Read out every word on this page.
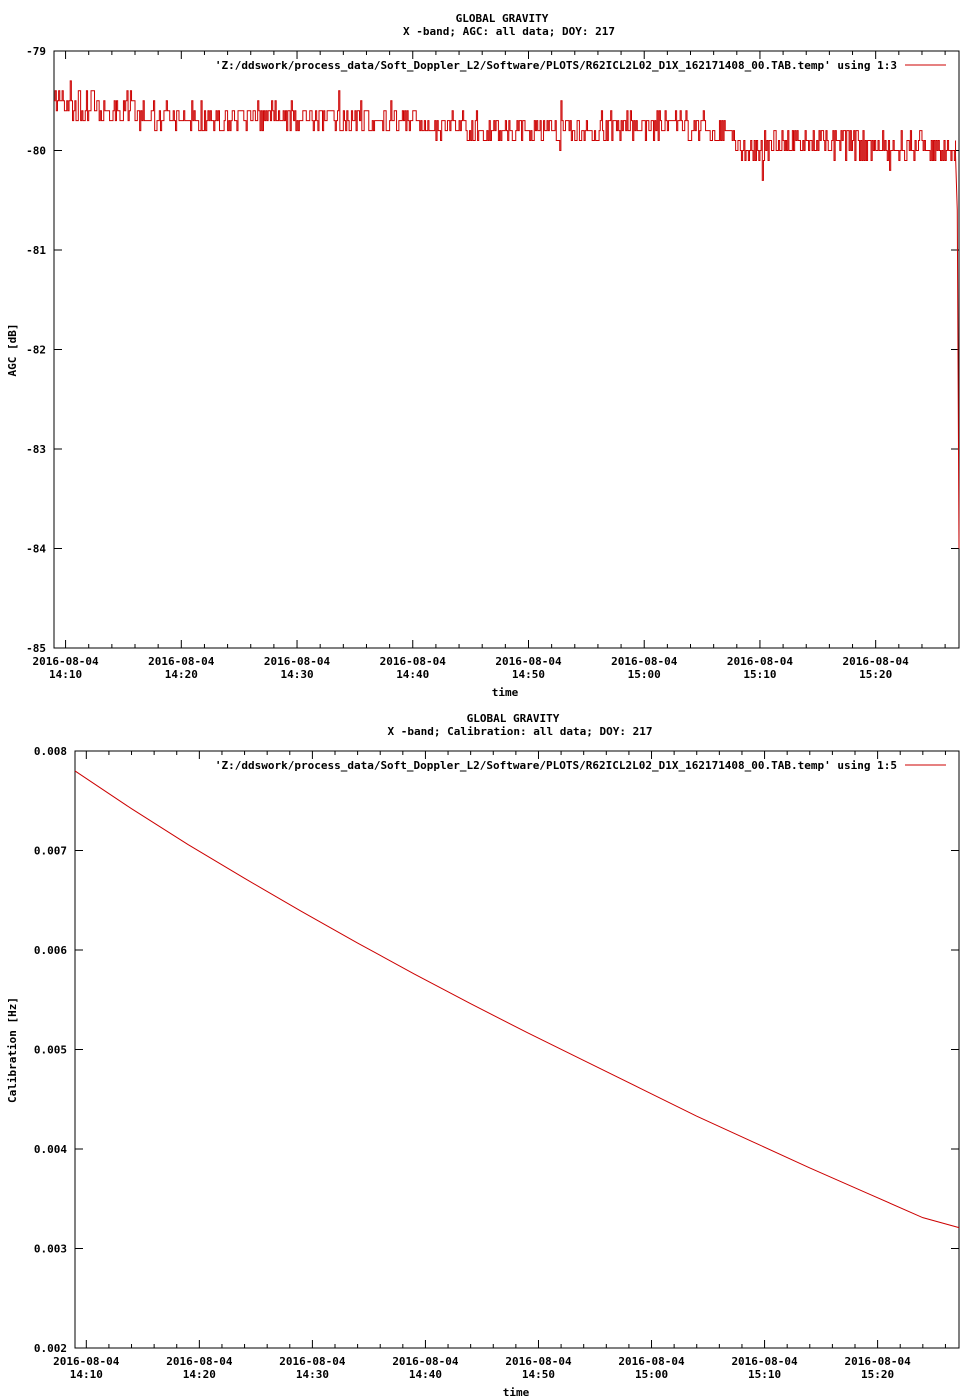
GLOBAL GRAVITY
X -band; AGC: all data; DOY: 217
AGC [dB]
time
-79
-80
-81
-82
-83
-84
-85
2016-08-04
14:10
2016-08-04
14:20
2016-08-04
14:30
2016-08-04
14:40
2016-08-04
14:50
2016-08-04
15:00
2016-08-04
15:10
2016-08-04
15:20
'Z:/ddswork/process_data/Soft_Doppler_L2/Software/PLOTS/R62ICL2L02_D1X_162171408_00.TAB.temp' using 1:3
GLOBAL GRAVITY
X -band; Calibration: all data; DOY: 217
Calibration [Hz]
time
0.008
0.007
0.006
0.005
0.004
0.003
0.002
2016-08-04
14:10
2016-08-04
14:20
2016-08-04
14:30
2016-08-04
14:40
2016-08-04
14:50
2016-08-04
15:00
2016-08-04
15:10
2016-08-04
15:20
'Z:/ddswork/process_data/Soft_Doppler_L2/Software/PLOTS/R62ICL2L02_D1X_162171408_00.TAB.temp' using 1:5
